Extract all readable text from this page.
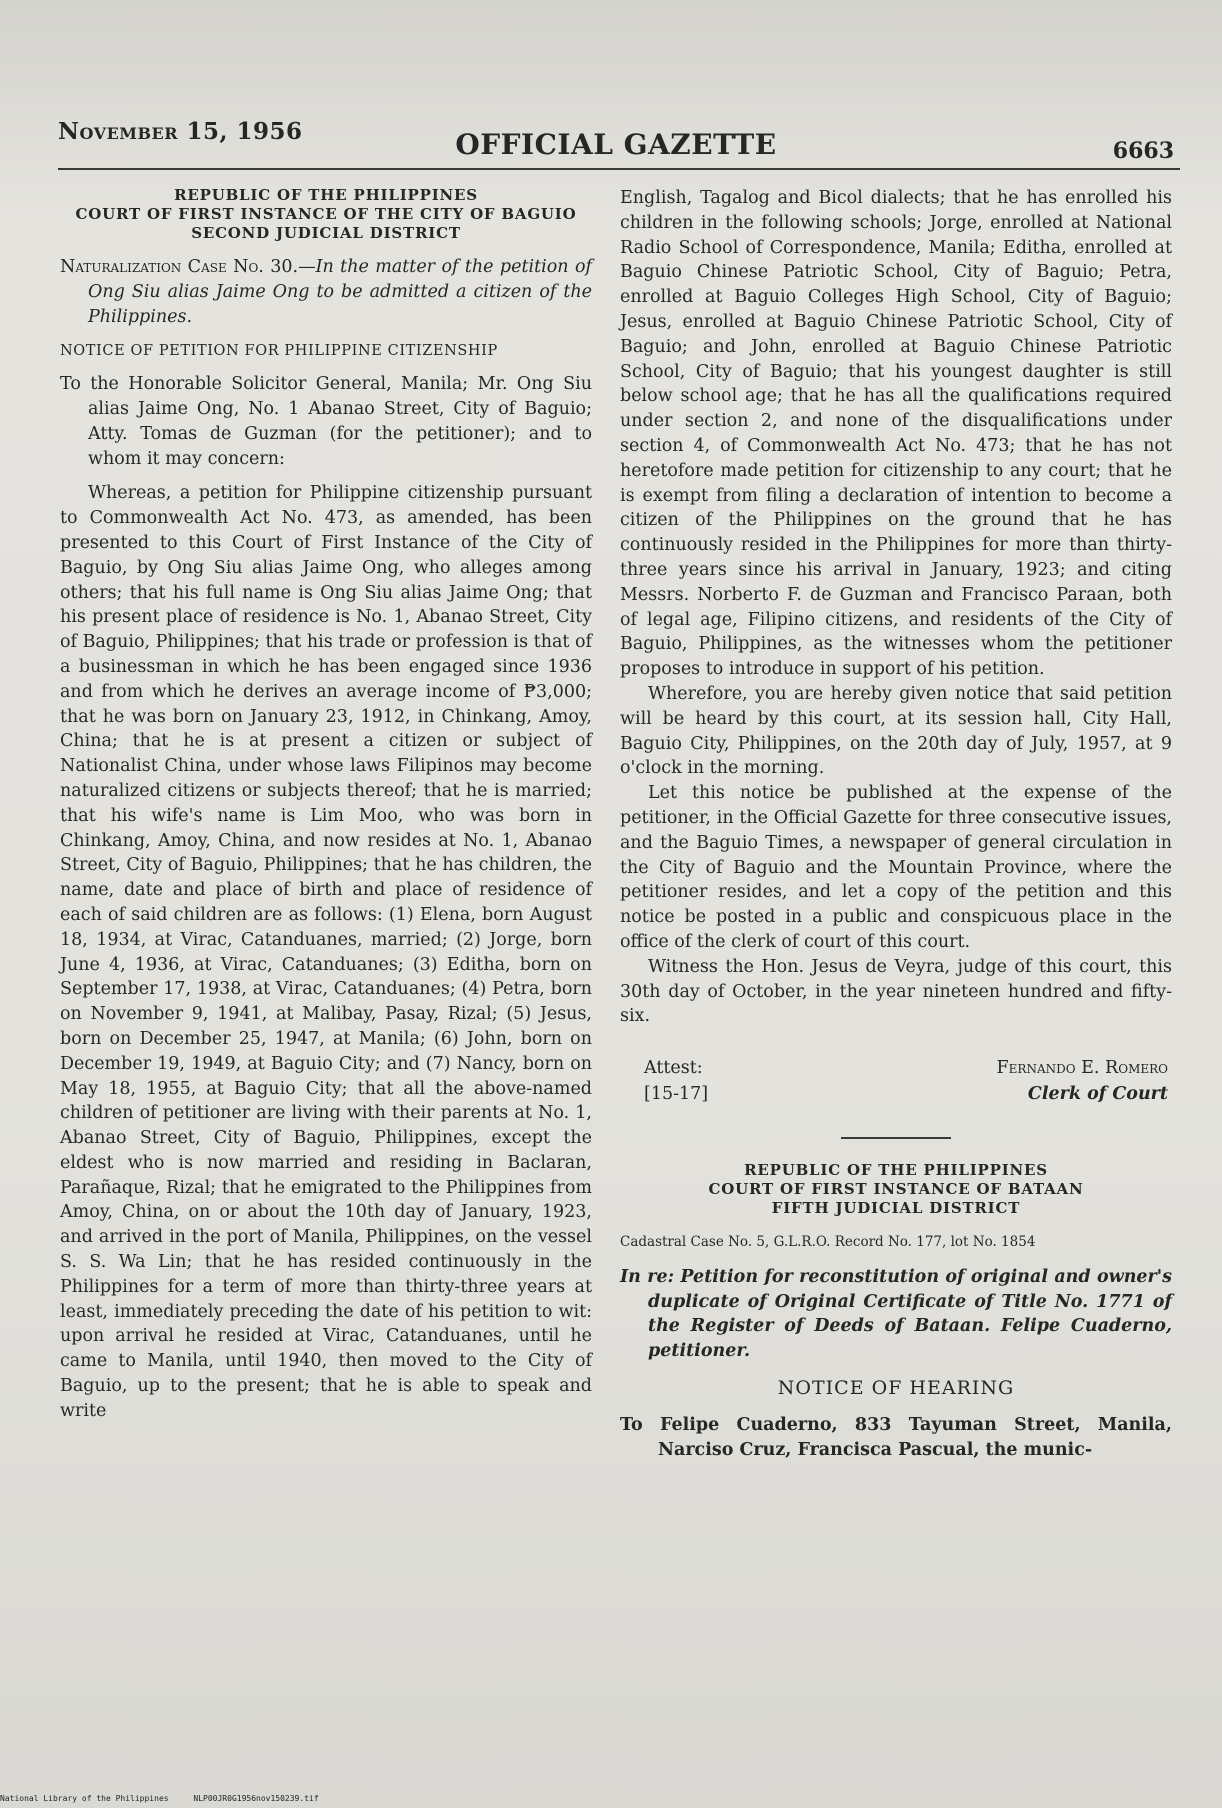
November 15, 1956	OFFICIAL GAZETTE	6663
REPUBLIC OF THE PHILIPPINES
COURT OF FIRST INSTANCE OF THE CITY OF BAGUIO
SECOND JUDICIAL DISTRICT

Naturalization Case No. 30.—In the matter of the petition of Ong Siu alias Jaime Ong to be admitted a citizen of the Philippines.

NOTICE OF PETITION FOR PHILIPPINE CITIZENSHIP

To the Honorable Solicitor General, Manila; Mr. Ong Siu alias Jaime Ong, No. 1 Abanao Street, City of Baguio; Atty. Tomas de Guzman (for the petitioner); and to whom it may concern:

Whereas, a petition for Philippine citizenship pursuant to Commonwealth Act No. 473, as amended, has been presented to this Court of First Instance of the City of Baguio, by Ong Siu alias Jaime Ong, who alleges among others; that his full name is Ong Siu alias Jaime Ong; that his present place of residence is No. 1, Abanao Street, City of Baguio, Philippines; that his trade or profession is that of a businessman in which he has been engaged since 1936 and from which he derives an average income of ₱3,000; that he was born on January 23, 1912, in Chinkang, Amoy, China; that he is at present a citizen or subject of Nationalist China, under whose laws Filipinos may become naturalized citizens or subjects thereof; that he is married; that his wife's name is Lim Moo, who was born in Chinkang, Amoy, China, and now resides at No. 1, Abanao Street, City of Baguio, Philippines; that he has children, the name, date and place of birth and place of residence of each of said children are as follows: (1) Elena, born August 18, 1934, at Virac, Catanduanes, married; (2) Jorge, born June 4, 1936, at Virac, Catanduanes; (3) Editha, born on September 17, 1938, at Virac, Catanduanes; (4) Petra, born on November 9, 1941, at Malibay, Pasay, Rizal; (5) Jesus, born on December 25, 1947, at Manila; (6) John, born on December 19, 1949, at Baguio City; and (7) Nancy, born on May 18, 1955, at Baguio City; that all the above-named children of petitioner are living with their parents at No. 1, Abanao Street, City of Baguio, Philippines, except the eldest who is now married and residing in Baclaran, Parañaque, Rizal; that he emigrated to the Philippines from Amoy, China, on or about the 10th day of January, 1923, and arrived in the port of Manila, Philippines, on the vessel S. S. Wa Lin; that he has resided continuously in the Philippines for a term of more than thirty-three years at least, immediately preceding the date of his petition to wit: upon arrival he resided at Virac, Catanduanes, until he came to Manila, until 1940, then moved to the City of Baguio, up to the present; that he is able to speak and write

English, Tagalog and Bicol dialects; that he has enrolled his children in the following schools; Jorge, enrolled at National Radio School of Correspondence, Manila; Editha, enrolled at Baguio Chinese Patriotic School, City of Baguio; Petra, enrolled at Baguio Colleges High School, City of Baguio; Jesus, enrolled at Baguio Chinese Patriotic School, City of Baguio; and John, enrolled at Baguio Chinese Patriotic School, City of Baguio; that his youngest daughter is still below school age; that he has all the qualifications required under section 2, and none of the disqualifications under section 4, of Commonwealth Act No. 473; that he has not heretofore made petition for citizenship to any court; that he is exempt from filing a declaration of intention to become a citizen of the Philippines on the ground that he has continuously resided in the Philippines for more than thirty-three years since his arrival in January, 1923; and citing Messrs. Norberto F. de Guzman and Francisco Paraan, both of legal age, Filipino citizens, and residents of the City of Baguio, Philippines, as the witnesses whom the petitioner proposes to introduce in support of his petition.

Wherefore, you are hereby given notice that said petition will be heard by this court, at its session hall, City Hall, Baguio City, Philippines, on the 20th day of July, 1957, at 9 o'clock in the morning.

Let this notice be published at the expense of the petitioner, in the Official Gazette for three consecutive issues, and the Baguio Times, a newspaper of general circulation in the City of Baguio and the Mountain Province, where the petitioner resides, and let a copy of the petition and this notice be posted in a public and conspicuous place in the office of the clerk of court of this court.

Witness the Hon. Jesus de Veyra, judge of this court, this 30th day of October, in the year nineteen hundred and fifty-six.

Attest:
[15-17]
Fernando E. Romero
Clerk of Court
REPUBLIC OF THE PHILIPPINES
COURT OF FIRST INSTANCE OF BATAAN
FIFTH JUDICIAL DISTRICT

Cadastral Case No. 5, G.L.R.O. Record No. 177, lot No. 1854

In re: Petition for reconstitution of original and owner's duplicate of Original Certificate of Title No. 1771 of the Register of Deeds of Bataan. Felipe Cuaderno, petitioner.

NOTICE OF HEARING

To Felipe Cuaderno, 833 Tayuman Street, Manila, Narciso Cruz, Francisca Pascual, the munic-

National Library of the Philippines	NLP00JR0G1956nov150239.tif
